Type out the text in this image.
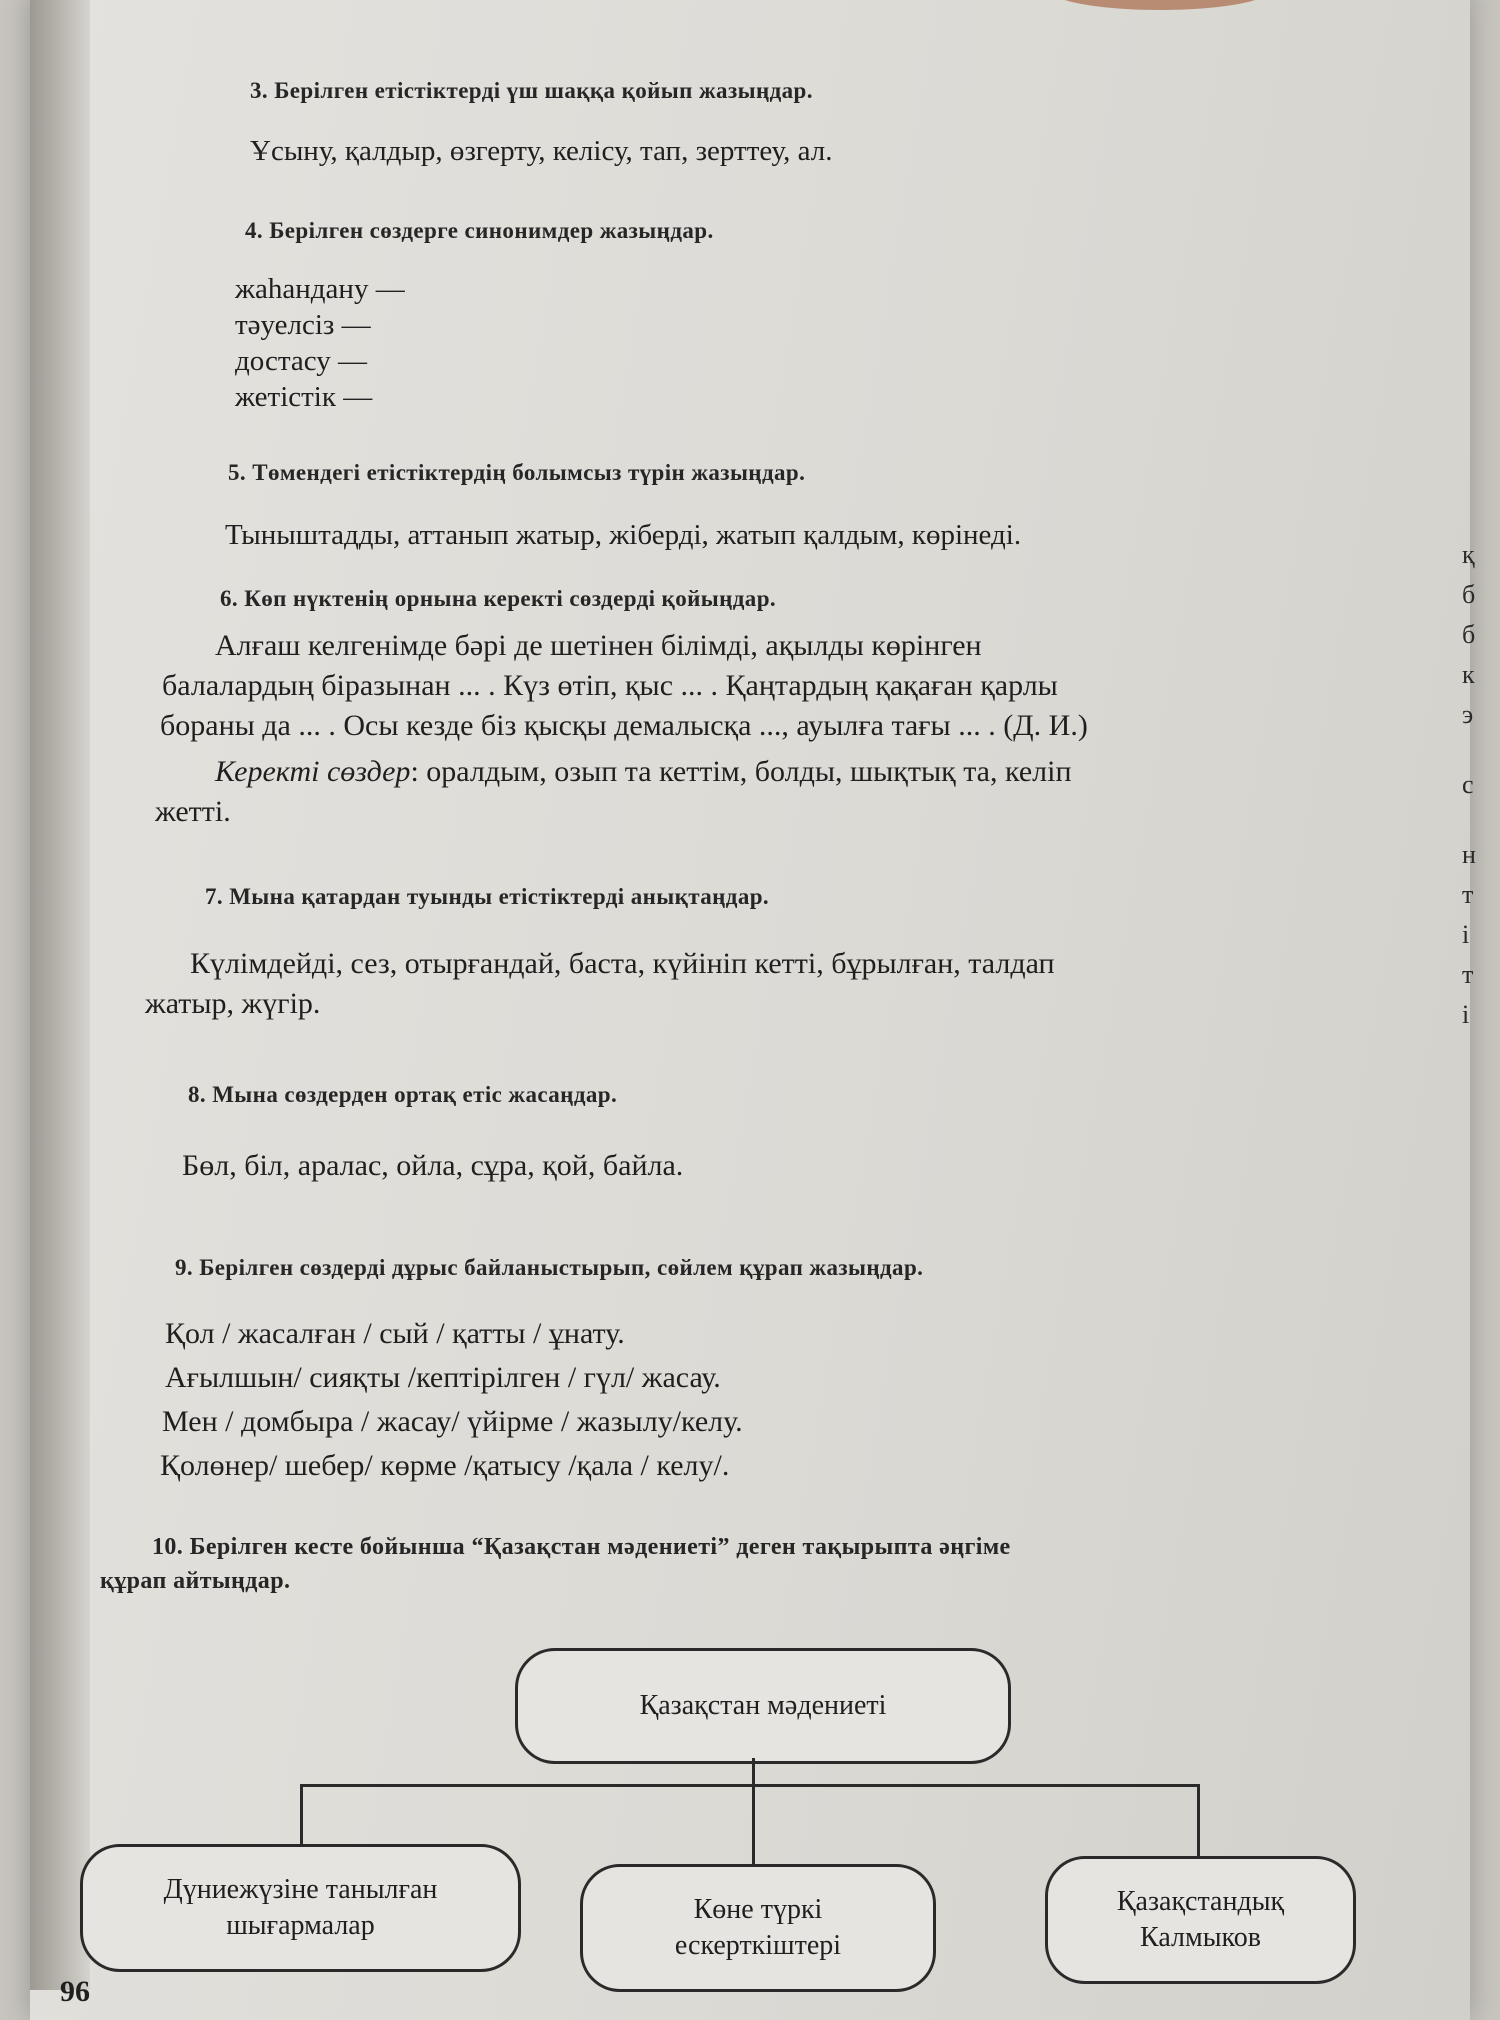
қ
б
б
к
э
с
н
т
і
т
і
3. Берілген етістіктерді үш шаққа қойып жазыңдар.
Ұсыну, қалдыр, өзгерту, келісу, тап, зерттеу, ал.
4. Берілген сөздерге синонимдер жазыңдар.
жаһандану —
тәуелсіз —
достасу —
жетістік —
5. Төмендегі етістіктердің болымсыз түрін жазыңдар.
Тыныштадды, аттанып жатыр, жіберді, жатып қалдым, көрінеді.
6. Көп нүктенің орнына керекті сөздерді қойыңдар.
Алғаш келгенімде бәрі де шетінен білімді, ақылды көрінген
балалардың біразынан ... . Күз өтіп, қыс ... . Қаңтардың қақаған қарлы
бораны да ... . Осы кезде біз қысқы демалысқа ..., ауылға тағы ... . (Д. И.)
Керекті сөздер: оралдым, озып та кеттім, болды, шықтық та, келіп
жетті.
7. Мына қатардан туынды етістіктерді анықтаңдар.
Күлімдейді, сез, отырғандай, баста, күйініп кетті, бұрылған, талдап
жатыр, жүгір.
8. Мына сөздерден ортақ етіс жасаңдар.
Бөл, біл, аралас, ойла, сұра, қой, байла.
9. Берілген сөздерді дұрыс байланыстырып, сөйлем құрап жазыңдар.
Қол / жасалған / сый / қатты / ұнату.
Ағылшын/ сияқты /кептірілген / гүл/ жасау.
Мен / домбыра / жасау/ үйірме / жазылу/келу.
Қолөнер/ шебер/ көрме /қатысу /қала / келу/.
10. Берілген кесте бойынша “Қазақстан мәдениеті” деген тақырыпта әңгіме
құрап айтыңдар.
Қазақстан мәдениеті
Дүниежүзіне танылған
шығармалар
Көне түркі
ескерткіштері
Қазақстандық
Калмыков
96
